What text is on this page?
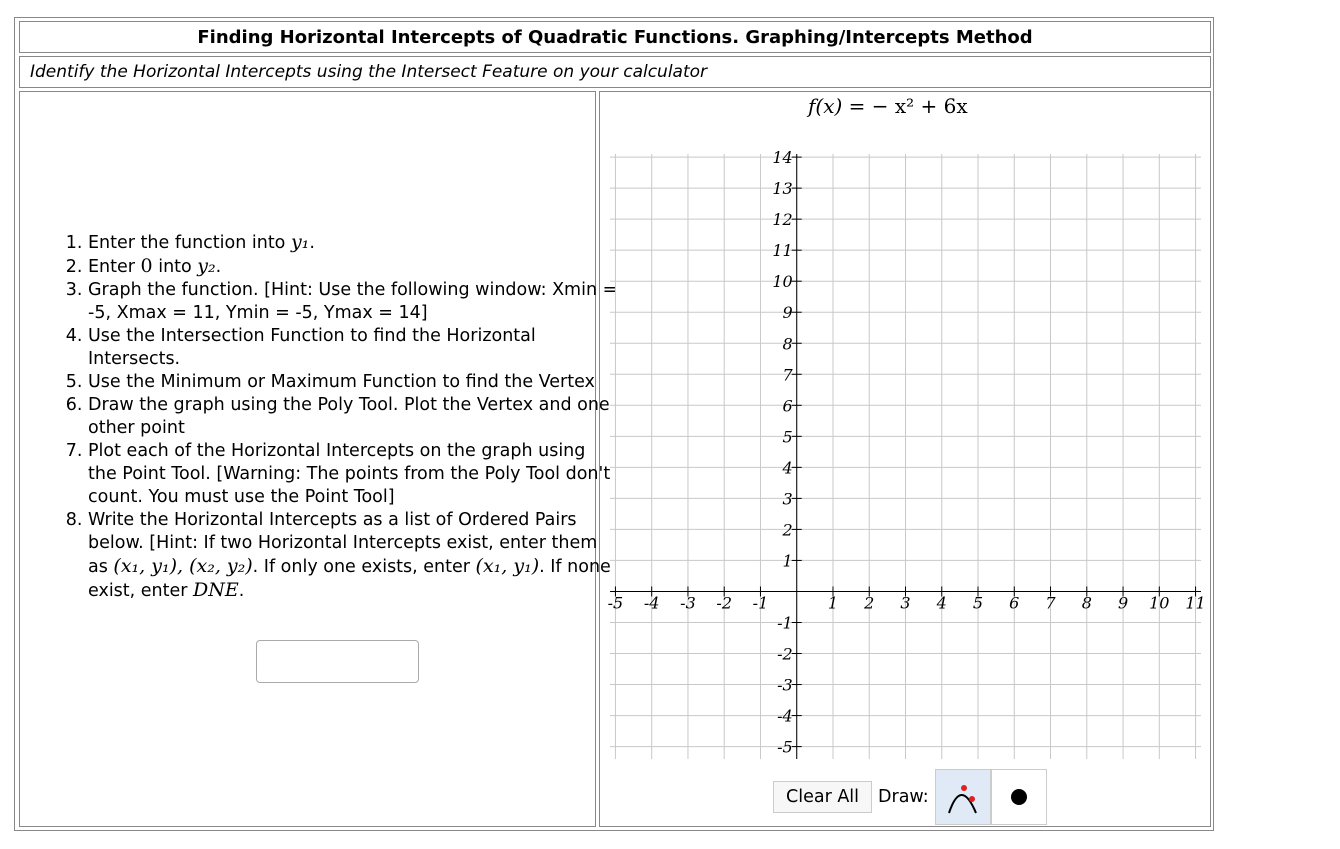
Finding Horizontal Intercepts of Quadratic Functions. Graphing/Intercepts Method
Identify the Horizontal Intercepts using the Intersect Feature on your calculator
1. Enter the function into y₁.
2. Enter 0 into y₂.
3. Graph the function. [Hint: Use the following window: Xmin = -5, Xmax = 11, Ymin = -5, Ymax = 14]
4. Use the Intersection Function to find the Horizontal Intersects.
5. Use the Minimum or Maximum Function to find the Vertex
6. Draw the graph using the Poly Tool. Plot the Vertex and one other point
7. Plot each of the Horizontal Intercepts on the graph using the Point Tool. [Warning: The points from the Poly Tool don't count. You must use the Point Tool]
8. Write the Horizontal Intercepts as a list of Ordered Pairs below. [Hint: If two Horizontal Intercepts exist, enter them as (x₁, y₁), (x₂, y₂). If only one exists, enter (x₁, y₁). If none exist, enter DNE.
f(x) = − x² + 6x
-5 -4 -3 -2 -1	1 2 3 4 5 6 7 8 9 10 11
14
13
12
11
10
9
8
7
6
5
4
3
2
1
-1
-2
-3
-4
-5
Clear All	Draw:
